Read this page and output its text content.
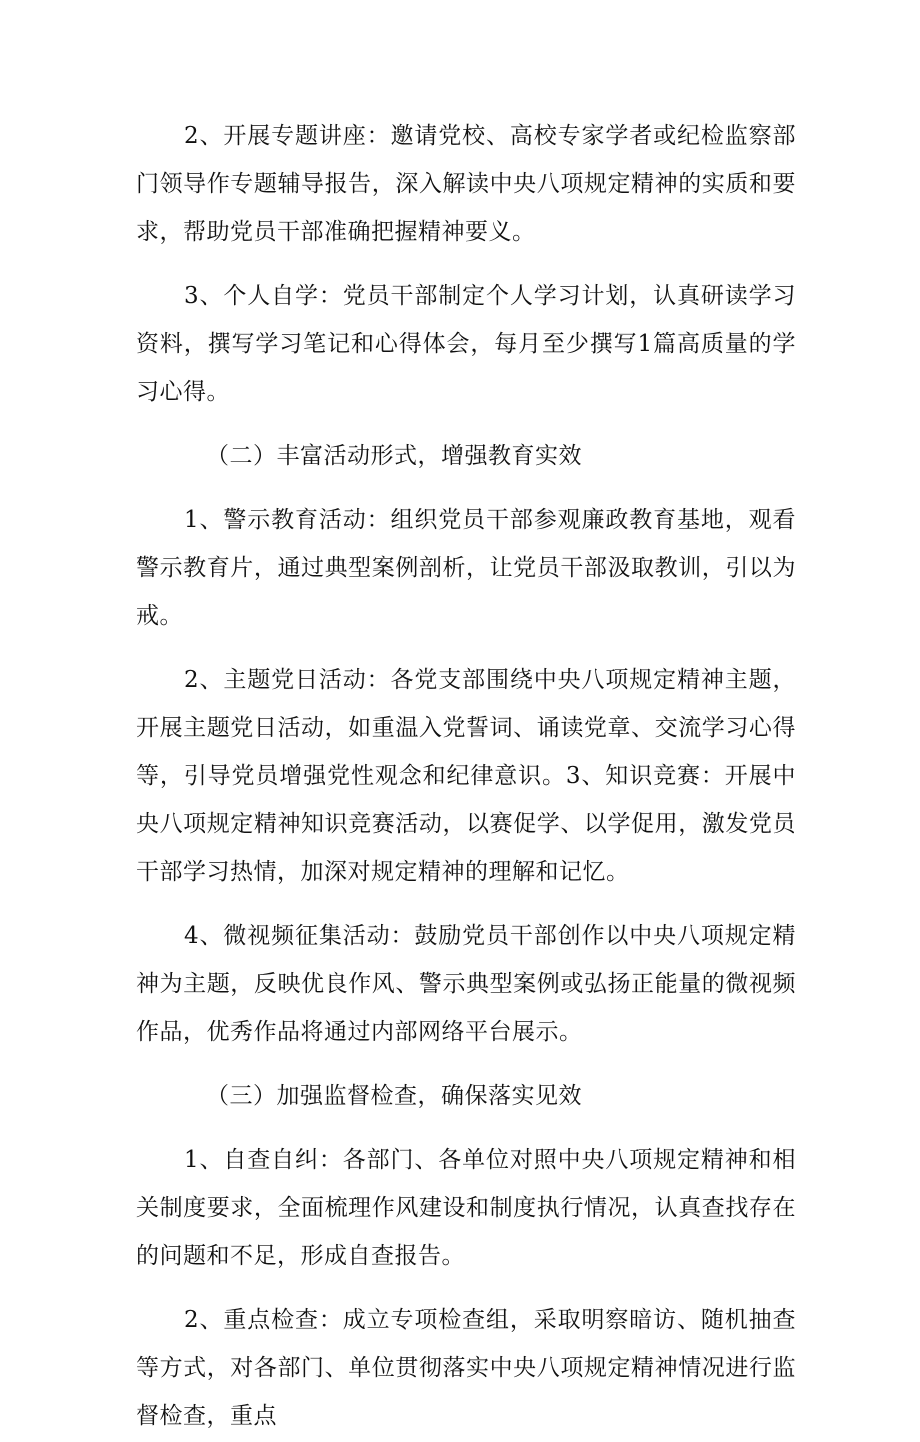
2、开展专题讲座：邀请党校、高校专家学者或纪检监察部门领导作专题辅导报告，深入解读中央八项规定精神的实质和要求，帮助党员干部准确把握精神要义。

3、个人自学：党员干部制定个人学习计划，认真研读学习资料，撰写学习笔记和心得体会，每月至少撰写1篇高质量的学习心得。

（二）丰富活动形式，增强教育实效

1、警示教育活动：组织党员干部参观廉政教育基地，观看警示教育片，通过典型案例剖析，让党员干部汲取教训，引以为戒。

2、主题党日活动：各党支部围绕中央八项规定精神主题，开展主题党日活动，如重温入党誓词、诵读党章、交流学习心得等，引导党员增强党性观念和纪律意识。3、知识竞赛：开展中央八项规定精神知识竞赛活动，以赛促学、以学促用，激发党员干部学习热情，加深对规定精神的理解和记忆。

4、微视频征集活动：鼓励党员干部创作以中央八项规定精神为主题，反映优良作风、警示典型案例或弘扬正能量的微视频作品，优秀作品将通过内部网络平台展示。

（三）加强监督检查，确保落实见效

1、自查自纠：各部门、各单位对照中央八项规定精神和相关制度要求，全面梳理作风建设和制度执行情况，认真查找存在的问题和不足，形成自查报告。

2、重点检查：成立专项检查组，采取明察暗访、随机抽查等方式，对各部门、单位贯彻落实中央八项规定精神情况进行监督检查，重点
